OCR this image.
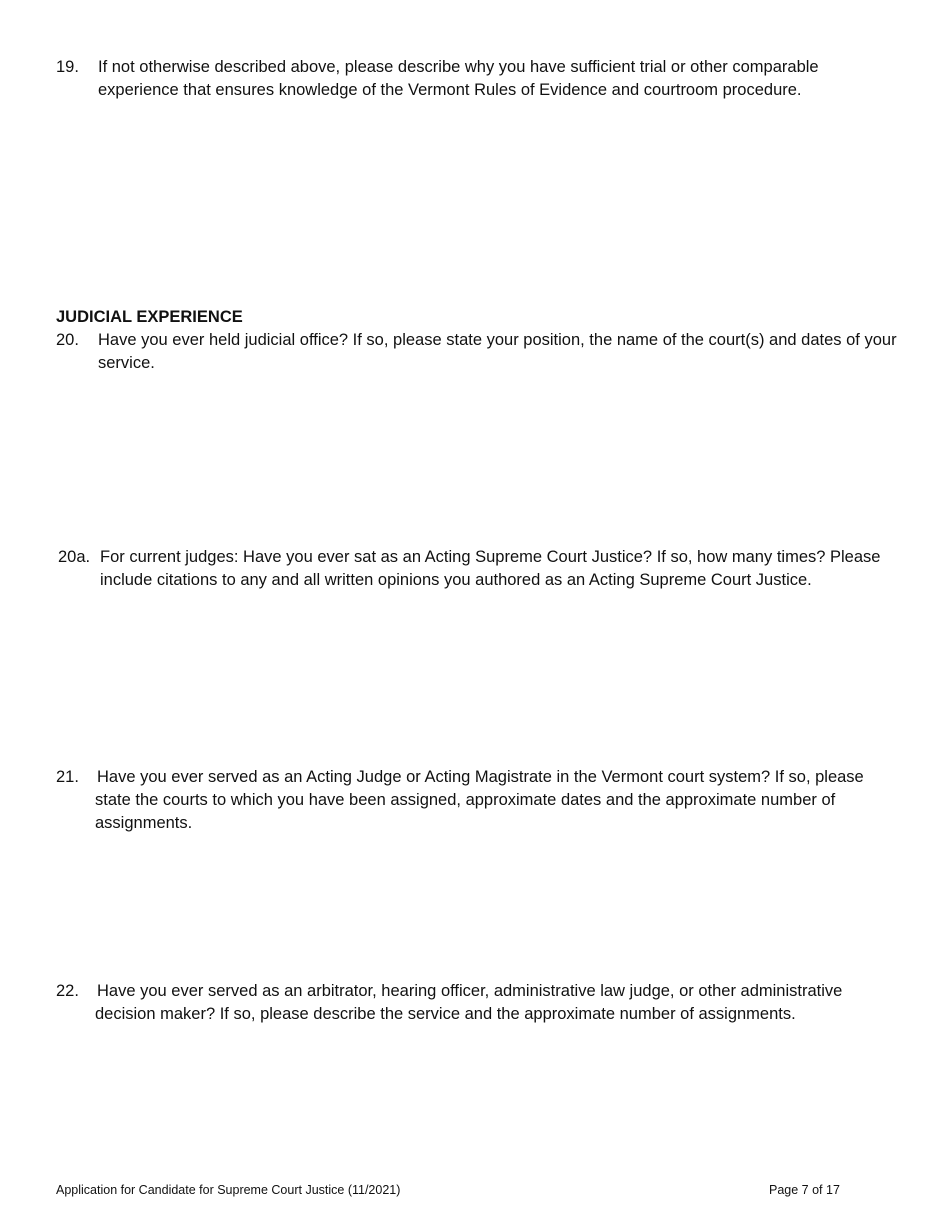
19. If not otherwise described above, please describe why you have sufficient trial or other comparable experience that ensures knowledge of the Vermont Rules of Evidence and courtroom procedure.
JUDICIAL EXPERIENCE
20. Have you ever held judicial office? If so, please state your position, the name of the court(s) and dates of your service.
20a. For current judges: Have you ever sat as an Acting Supreme Court Justice? If so, how many times? Please include citations to any and all written opinions you authored as an Acting Supreme Court Justice.
21. Have you ever served as an Acting Judge or Acting Magistrate in the Vermont court system? If so, please state the courts to which you have been assigned, approximate dates and the approximate number of assignments.
22. Have you ever served as an arbitrator, hearing officer, administrative law judge, or other administrative decision maker? If so, please describe the service and the approximate number of assignments.
Application for Candidate for Supreme Court Justice (11/2021)	Page 7 of 17
